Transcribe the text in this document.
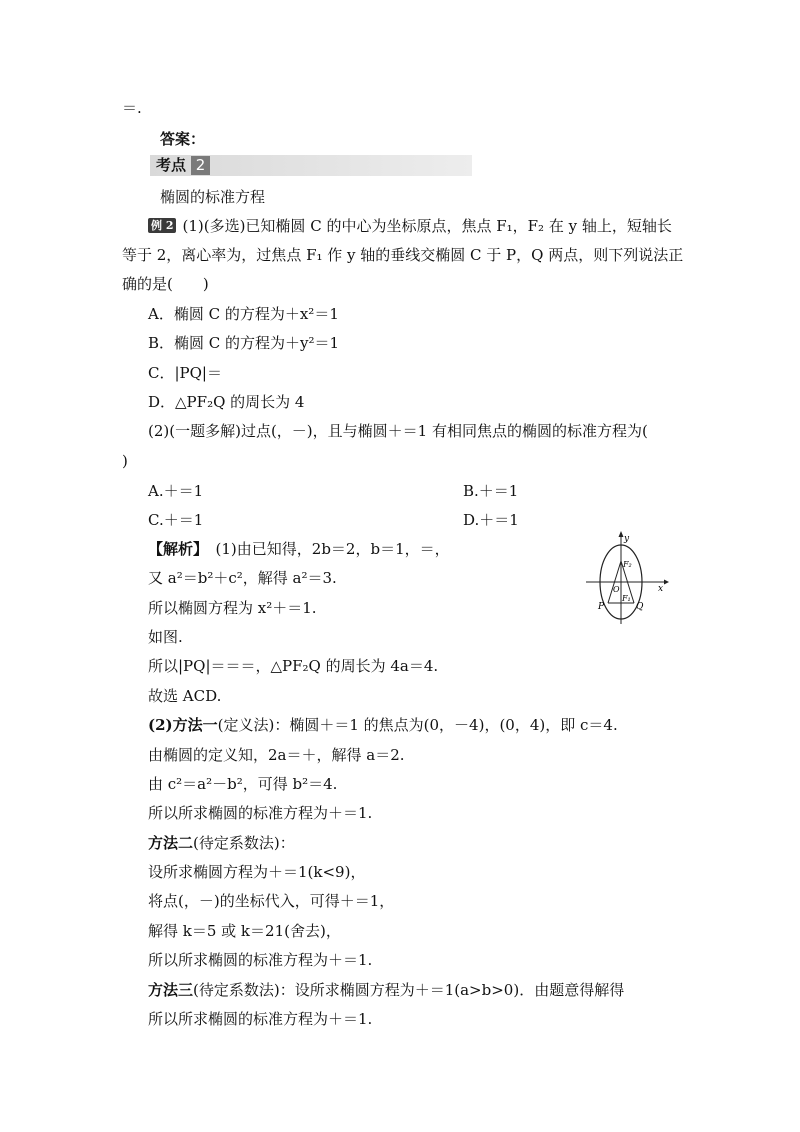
＝.
答案：
考点 2
椭圆的标准方程
例 2 (1)(多选)已知椭圆 C 的中心为坐标原点，焦点 F₁，F₂ 在 y 轴上，短轴长
等于 2，离心率为，过焦点 F₁ 作 y 轴的垂线交椭圆 C 于 P，Q 两点，则下列说法正
确的是(　　)
A．椭圆 C 的方程为＋x²＝1
B．椭圆 C 的方程为＋y²＝1
C．|PQ|＝
D．△PF₂Q 的周长为 4
(2)(一题多解)过点(，－)，且与椭圆＋＝1 有相同焦点的椭圆的标准方程为(
)
A.＋＝1	B.＋＝1
C.＋＝1	D.＋＝1
【解析】　 (1)由已知得，2b＝2，b＝1，＝，
又 a²＝b²＋c²，解得 a²＝3.
所以椭圆方程为 x²＋＝1.
如图.
所以|PQ|＝＝＝，△PF₂Q 的周长为 4a＝4.
故选 ACD.
(2)方法一(定义法)：椭圆＋＝1 的焦点为(0，－4)，(0，4)，即 c＝4.
由椭圆的定义知，2a＝＋，解得 a＝2.
由 c²＝a²－b²，可得 b²＝4.
所以所求椭圆的标准方程为＋＝1.
方法二(待定系数法)：
设所求椭圆方程为＋＝1(k<9)，
将点(，－)的坐标代入，可得＋＝1，
解得 k＝5 或 k＝21(舍去)，
所以所求椭圆的标准方程为＋＝1.
方法三(待定系数法)：设所求椭圆方程为＋＝1(a>b>0)．由题意得解得
所以所求椭圆的标准方程为＋＝1.
y
x
F₂
O
F₁
P	Q
